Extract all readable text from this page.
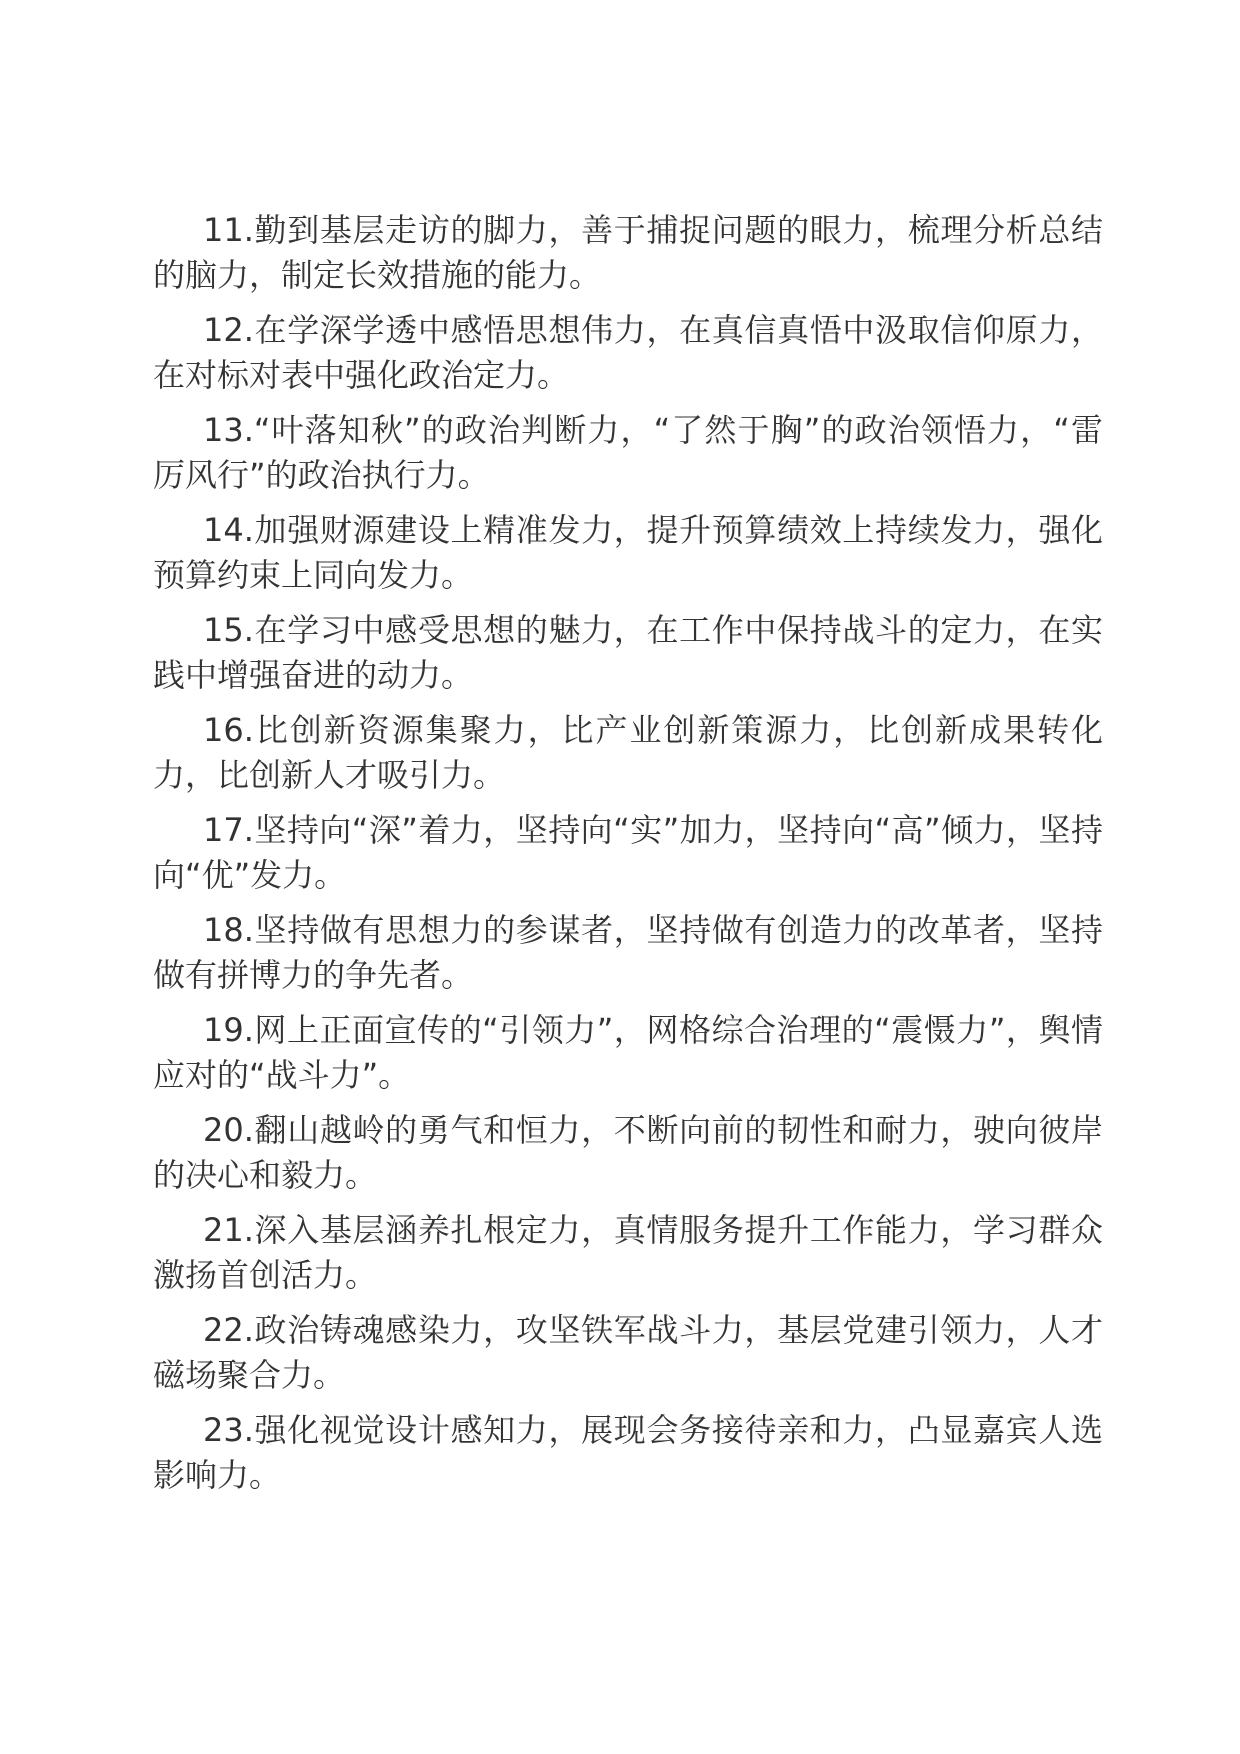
11.勤到基层走访的脚力，善于捕捉问题的眼力，梳理分析总结的脑力，制定长效措施的能力。

12.在学深学透中感悟思想伟力，在真信真悟中汲取信仰原力，在对标对表中强化政治定力。

13.“叶落知秋”的政治判断力，“了然于胸”的政治领悟力，“雷厉风行”的政治执行力。

14.加强财源建设上精准发力，提升预算绩效上持续发力，强化预算约束上同向发力。

15.在学习中感受思想的魅力，在工作中保持战斗的定力，在实践中增强奋进的动力。

16.比创新资源集聚力，比产业创新策源力，比创新成果转化力，比创新人才吸引力。

17.坚持向“深”着力，坚持向“实”加力，坚持向“高”倾力，坚持向“优”发力。

18.坚持做有思想力的参谋者，坚持做有创造力的改革者，坚持做有拼博力的争先者。

19.网上正面宣传的“引领力”，网格综合治理的“震慑力”，舆情应对的“战斗力”。

20.翻山越岭的勇气和恒力，不断向前的韧性和耐力，驶向彼岸的决心和毅力。

21.深入基层涵养扎根定力，真情服务提升工作能力，学习群众激扬首创活力。

22.政治铸魂感染力，攻坚铁军战斗力，基层党建引领力，人才磁场聚合力。

23.强化视觉设计感知力，展现会务接待亲和力，凸显嘉宾人选影响力。
